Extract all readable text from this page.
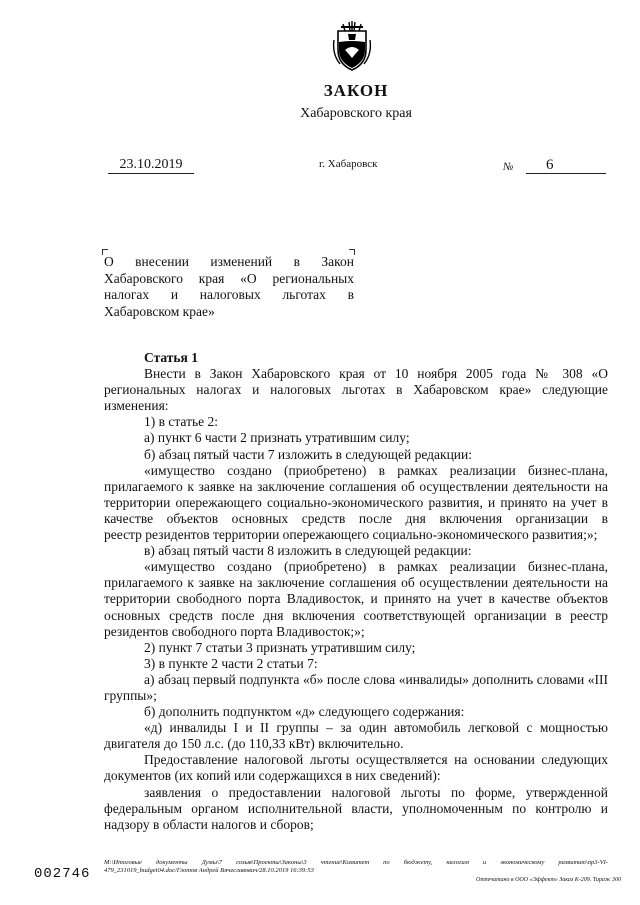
ЗАКОН
Хабаровского края
23.10.2019	г. Хабаровск	№	6
О внесении изменений в Закон Хабаровского края «О региональных налогах и налоговых льготах в Хабаровском крае»

Статья 1

Внести в Закон Хабаровского края от 10 ноября 2005 года № 308 «О региональных налогах и налоговых льготах в Хабаровском крае» следующие изменения:

1) в статье 2:

а) пункт 6 части 2 признать утратившим силу;

б) абзац пятый части 7 изложить в следующей редакции:

«имущество создано (приобретено) в рамках реализации бизнес-плана, прилагаемого к заявке на заключение соглашения об осуществлении деятельности на территории опережающего социально-экономического развития, и принято на учет в качестве объектов основных средств после дня включения организации в

реестр резидентов территории опережающего социально-экономического развития;»;

в) абзац пятый части 8 изложить в следующей редакции:

«имущество создано (приобретено) в рамках реализации бизнес-плана, прилагаемого к заявке на заключение соглашения об осуществлении деятельности на территории свободного порта Владивосток, и принято на учет в качестве объектов основных средств после дня включения соответствующей организации в реестр резидентов свободного порта Владивосток;»;

2) пункт 7 статьи 3 признать утратившим силу;

3) в пункте 2 части 2 статьи 7:

а) абзац первый подпункта «б» после слова «инвалиды» дополнить словами «III группы»;

б) дополнить подпунктом «д» следующего содержания:

«д) инвалиды I и II группы – за один автомобиль легковой с мощностью двигателя до 150 л.с. (до 110,33 кВт) включительно.

Предоставление налоговой льготы осуществляется на основании следующих документов (их копий или содержащихся в них сведений):

заявления о предоставлении налоговой льготы по форме, утвержденной федеральным органом исполнительной власти, уполномоченным по контролю и надзору в области налогов и сборов;

002746
M:\Итоговые документы Думы\7 созыв\Проекты\Законы\3 чтение\Комитет по бюджету, налогам и экономическому развитию\пр3-VI-
479_231019_budget04.doc/Глотов Андрей Вячеславович/28.10.2019 16:39:53
Отпечатано в ООО «Эффект» Заказ К-209. Тираж 300
